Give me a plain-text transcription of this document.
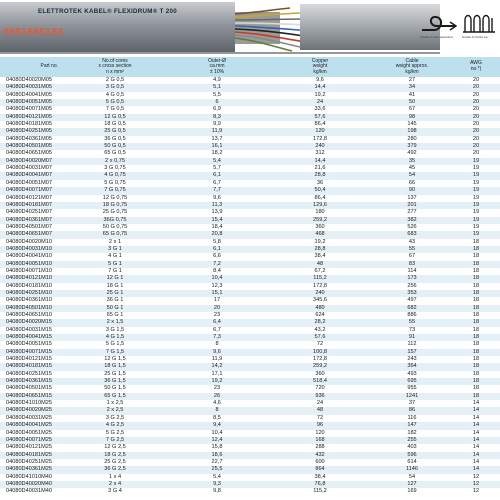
ELETTROTEK KABEL® FLEXIDRUM® T 200
0981685183	Suitable for chain applications	Suitable for flexible use
Part no.
No.of cores
x cross section
n x mm²
Outer-Ø
ca.mm
± 10%
Copper
weight
kg/km
Cable
weight approx.
kg/km
AWG
no.*)
04080D40020M05	2 G 0,5	4,9	9,6	27	20
04080D40031M05	3 G 0,5	5,1	14,4	34	20
04080D40041M05	4 G 0,5	5,5	19,2	41	20
04080D40051M05	5 G 0,5	6	24	50	20
04080D40071M05	7 G 0,5	6,9	33,6	67	20
04080D40121M05	12 G 0,5	8,3	57,6	98	20
04080D40181M05	18 G 0,5	9,9	86,4	145	20
04080D40251M05	25 G 0,5	11,9	120	198	20
04080D40361M05	36 G 0,5	13,7	172,8	280	20
04080D40501M05	50 G 0,5	16,1	240	379	20
04080D40651M05	65 G 0,5	18,2	312	492	20
04080D40020M07	2 x 0,75	5,4	14,4	35	19
04080D40031M07	3 G 0,75	5,7	21,6	45	19
04080D40041M07	4 G 0,75	6,1	28,8	54	19
04080D40051M07	5 G 0,75	6,7	36	66	19
04080D40071M07	7 G 0,75	7,7	50,4	90	19
04080D40121M07	12 G 0,75	9,6	86,4	137	19
04080D40181M07	18 G 0,75	11,3	129,6	201	19
04080D40251M07	25 G 0,75	13,9	180	277	19
04080D40361M07	36G 0,75	15,4	259,2	382	19
04080D40501M07	50 G 0,75	18,4	360	526	19
04080D40651M07	65 G 0,75	20,8	468	683	19
04080D40020M10	2 x 1	5,8	19,2	43	18
04080D40031M10	3 G 1	6,1	28,8	55	18
04080D40041M10	4 G 1	6,6	38,4	67	18
04080D40051M10	5 G 1	7,2	48	83	18
04080D40071M10	7 G 1	8,4	67,2	114	18
04080D40121M10	12 G 1	10,4	115,2	173	18
04080D40181M10	18 G 1	12,3	172,8	256	18
04080D40251M10	25 G 1	15,1	240	353	18
04080D40361M10	36 G 1	17	345,6	497	18
04080D40501M10	50 G 1	20	480	682	18
04080D40651M10	65 G 1	23	624	886	18
04080D40020M15	2 x 1,5	6,4	28,2	55	18
04080D40031M15	3 G 1,5	6,7	43,2	73	18
04080D40041M15	4 G 1,5	7,3	57,6	91	18
04080D40051M15	5 G 1,5	8	72	112	18
04080D40071M15	7 G 1,5	9,6	100,8	157	18
04080D40121M15	12 G 1,5	11,9	172,8	243	18
04080D40181M15	18 G 1,5	14,2	259,2	364	18
04080D40251M15	25 G 1,5	17,1	360	493	18
04080D40361M15	36 G 1,5	19,2	518,4	695	18
04080D40501M15	50 G 1,5	23	720	955	18
04080D40651M15	65 G 1,5	26	936	1241	18
04080D41010M25	1 x 2,5	4,6	24	37	14
04080D40020M25	2 x 2,5	8	48	86	14
04080D40031M25	3 G 2,5	8,5	72	116	14
04080D40041M25	4 G 2,5	9,4	96	147	14
04080D40051M25	5 G 2,5	10,4	120	182	14
04080D40071M25	7 G 2,5	12,4	168	255	14
04080D40121M25	12 G 2,5	15,8	288	403	14
04080D40181M25	18 G 2,5	18,6	432	596	14
04080D40251M25	25 G 2,5	22,7	600	614	14
04080D40361M25	36 G 2,5	25,5	864	1146	14
04080D41010M40	1 x 4	5,4	38,4	54	12
04080D40020M40	2 x 4	9,3	76,8	127	12
04080D40031M40	3 G 4	9,8	115,2	169	12
